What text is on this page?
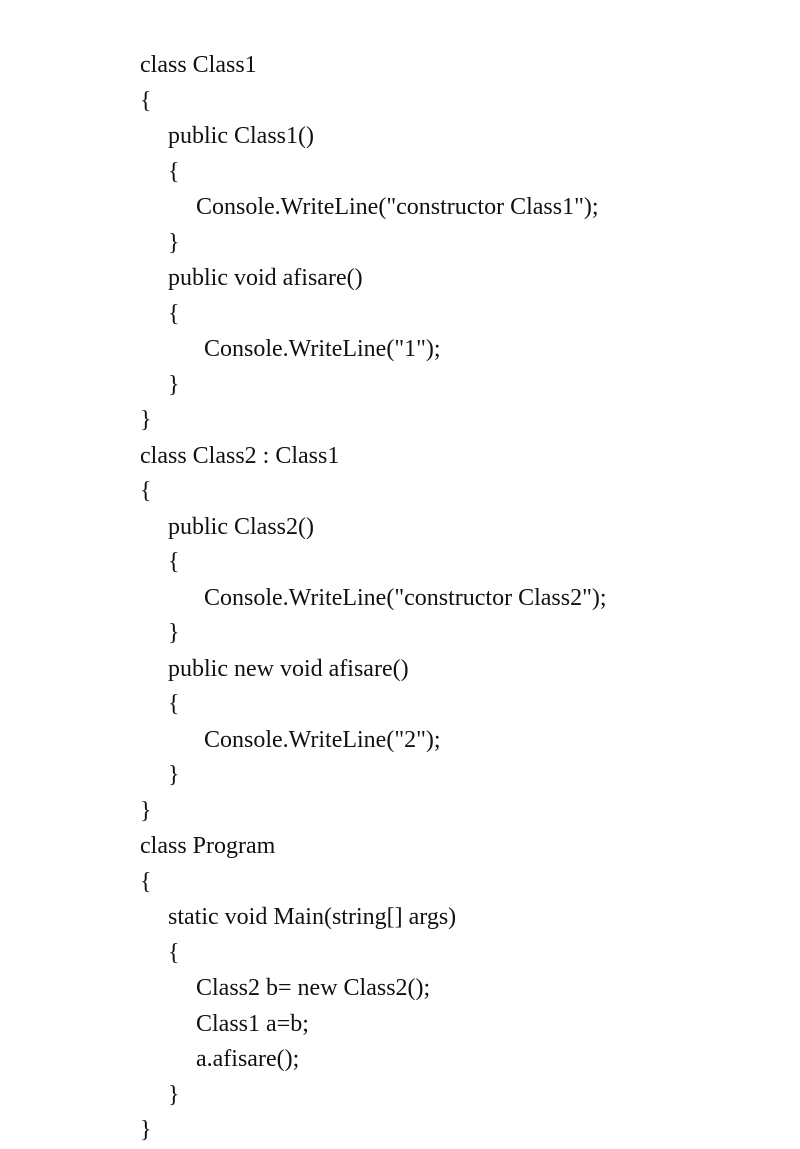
class Class1
{
public Class1()
{
Console.WriteLine("constructor Class1");
}
public void afisare()
{
Console.WriteLine("1");
}
}
class Class2 : Class1
{
public Class2()
{
Console.WriteLine("constructor Class2");
}
public new void afisare()
{
Console.WriteLine("2");
}
}
class Program
{
static void Main(string[] args)
{
Class2 b= new Class2();
Class1 a=b;
a.afisare();
}
}
